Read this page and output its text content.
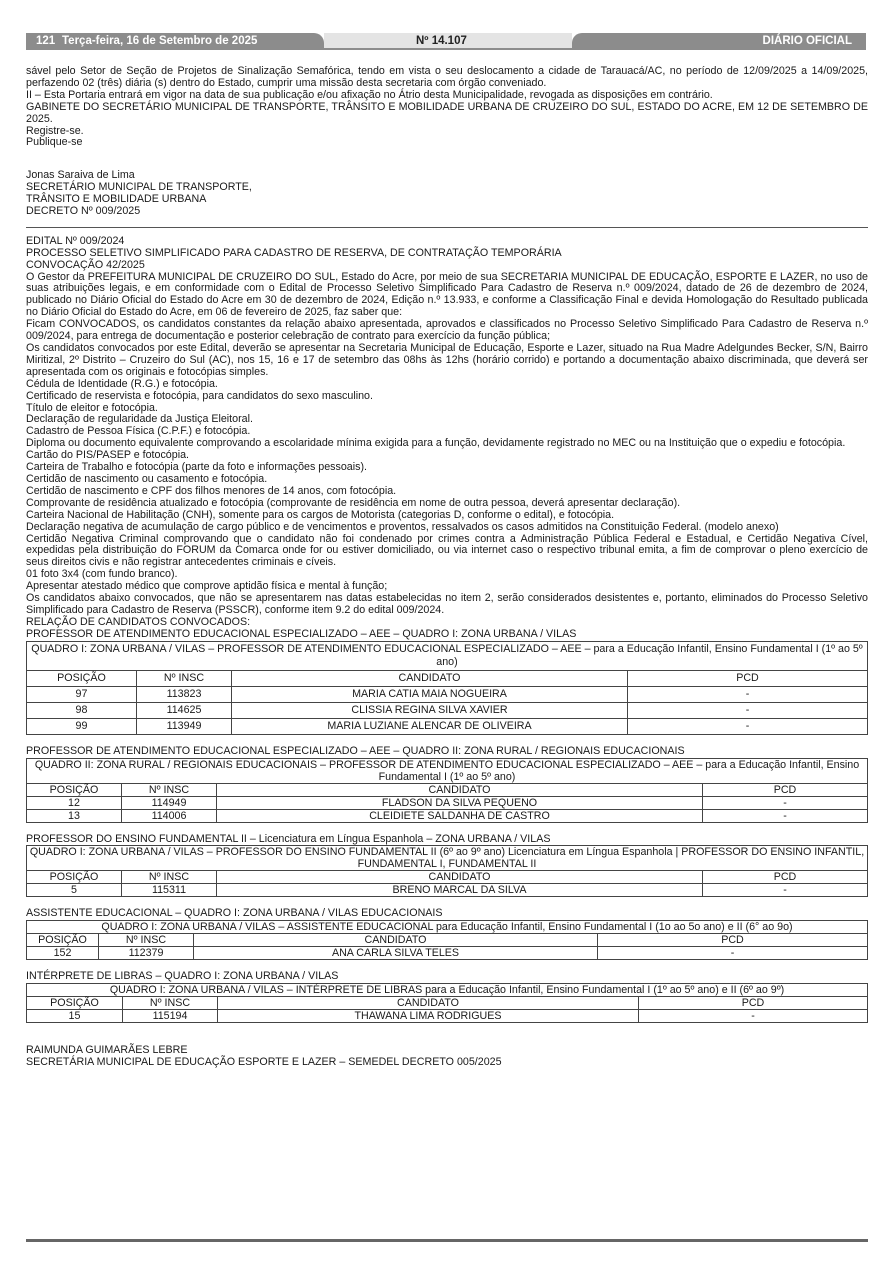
121 Terça-feira, 16 de Setembro de 2025	Nº 14.107	DIÁRIO OFICIAL

sável pelo Setor de Seção de Projetos de Sinalização Semafórica, tendo em vista o seu deslocamento a cidade de Tarauacá/AC, no período de 12/09/2025 a 14/09/2025, perfazendo 02 (três) diária (s) dentro do Estado, cumprir uma missão desta secretaria com órgão conveniado.

II – Esta Portaria entrará em vigor na data de sua publicação e/ou afixação no Átrio desta Municipalidade, revogada as disposições em contrário.

GABINETE DO SECRETÁRIO MUNICIPAL DE TRANSPORTE, TRÂNSITO E MOBILIDADE URBANA DE CRUZEIRO DO SUL, ESTADO DO ACRE, EM 12 DE SETEMBRO DE 2025.

Registre-se.

Publique-se

Jonas Saraiva de Lima

SECRETÁRIO MUNICIPAL DE TRANSPORTE,

TRÂNSITO E MOBILIDADE URBANA

DECRETO Nº 009/2025

EDITAL Nº 009/2024

PROCESSO SELETIVO SIMPLIFICADO PARA CADASTRO DE RESERVA, DE CONTRATAÇÃO TEMPORÁRIA

CONVOCAÇÃO 42/2025

O Gestor da PREFEITURA MUNICIPAL DE CRUZEIRO DO SUL, Estado do Acre, por meio de sua SECRETARIA MUNICIPAL DE EDUCAÇÃO, ESPORTE E LAZER, no uso de suas atribuições legais, e em conformidade com o Edital de Processo Seletivo Simplificado Para Cadastro de Reserva n.º 009/2024, datado de 26 de dezembro de 2024, publicado no Diário Oficial do Estado do Acre em 30 de dezembro de 2024, Edição n.º 13.933, e conforme a Classificação Final e devida Homologação do Resultado publicada no Diário Oficial do Estado do Acre, em 06 de fevereiro de 2025, faz saber que:

Ficam CONVOCADOS, os candidatos constantes da relação abaixo apresentada, aprovados e classificados no Processo Seletivo Simplificado Para Cadastro de Reserva n.º 009/2024, para entrega de documentação e posterior celebração de contrato para exercício da função pública;

Os candidatos convocados por este Edital, deverão se apresentar na Secretaria Municipal de Educação, Esporte e Lazer, situado na Rua Madre Adelgundes Becker, S/N, Bairro Miritizal, 2º Distrito – Cruzeiro do Sul (AC), nos 15, 16 e 17 de setembro das 08hs às 12hs (horário corrido) e portando a documentação abaixo discriminada, que deverá ser apresentada com os originais e fotocópias simples.

Cédula de Identidade (R.G.) e fotocópia.

Certificado de reservista e fotocópia, para candidatos do sexo masculino.

Título de eleitor e fotocópia.

Declaração de regularidade da Justiça Eleitoral.

Cadastro de Pessoa Física (C.P.F.) e fotocópia.

Diploma ou documento equivalente comprovando a escolaridade mínima exigida para a função, devidamente registrado no MEC ou na Instituição que o expediu e fotocópia.

Cartão do PIS/PASEP e fotocópia.

Carteira de Trabalho e fotocópia (parte da foto e informações pessoais).

Certidão de nascimento ou casamento e fotocópia.

Certidão de nascimento e CPF dos filhos menores de 14 anos, com fotocópia.

Comprovante de residência atualizado e fotocópia (comprovante de residência em nome de outra pessoa, deverá apresentar declaração).

Carteira Nacional de Habilitação (CNH), somente para os cargos de Motorista (categorias D, conforme o edital), e fotocópia.

Declaração negativa de acumulação de cargo público e de vencimentos e proventos, ressalvados os casos admitidos na Constituição Federal. (modelo anexo)

Certidão Negativa Criminal comprovando que o candidato não foi condenado por crimes contra a Administração Pública Federal e Estadual, e Certidão Negativa Cível, expedidas pela distribuição do FORUM da Comarca onde for ou estiver domiciliado, ou via internet caso o respectivo tribunal emita, a fim de comprovar o pleno exercício de seus direitos civis e não registrar antecedentes criminais e cíveis.

01 foto 3x4 (com fundo branco).

Apresentar atestado médico que comprove aptidão física e mental à função;

Os candidatos abaixo convocados, que não se apresentarem nas datas estabelecidas no item 2, serão considerados desistentes e, portanto, eliminados do Processo Seletivo Simplificado para Cadastro de Reserva (PSSCR), conforme item 9.2 do edital 009/2024.

RELAÇÃO DE CANDIDATOS CONVOCADOS:

PROFESSOR DE ATENDIMENTO EDUCACIONAL ESPECIALIZADO – AEE – QUADRO I: ZONA URBANA / VILAS

QUADRO I: ZONA URBANA / VILAS – PROFESSOR DE ATENDIMENTO EDUCACIONAL ESPECIALIZADO – AEE – para a Educação Infantil, Ensino Fundamental I (1º ao 5º ano)			
POSIÇÃO	Nº INSC	CANDIDATO	PCD
97	113823	MARIA CATIA MAIA NOGUEIRA	-
98	114625	CLISSIA REGINA SILVA XAVIER	-
99	113949	MARIA LUZIANE ALENCAR DE OLIVEIRA	-

PROFESSOR DE ATENDIMENTO EDUCACIONAL ESPECIALIZADO – AEE – QUADRO II: ZONA RURAL / REGIONAIS EDUCACIONAIS

QUADRO II: ZONA RURAL / REGIONAIS EDUCACIONAIS – PROFESSOR DE ATENDIMENTO EDUCACIONAL ESPECIALIZADO – AEE – para a Educação Infantil, Ensino Fundamental I (1º ao 5º ano)			
POSIÇÃO	Nº INSC	CANDIDATO	PCD
12	114949	FLADSON DA SILVA PEQUENO	-
13	114006	CLEIDIETE SALDANHA DE CASTRO	-

PROFESSOR DO ENSINO FUNDAMENTAL II – Licenciatura em Língua Espanhola – ZONA URBANA / VILAS

QUADRO I: ZONA URBANA / VILAS – PROFESSOR DO ENSINO FUNDAMENTAL II (6º ao 9º ano) Licenciatura em Língua Espanhola | PROFESSOR DO ENSINO INFANTIL, FUNDAMENTAL I, FUNDAMENTAL II			
POSIÇÃO	Nº INSC	CANDIDATO	PCD
5	115311	BRENO MARCAL DA SILVA	-

ASSISTENTE EDUCACIONAL – QUADRO I: ZONA URBANA / VILAS EDUCACIONAIS

QUADRO I: ZONA URBANA / VILAS – ASSISTENTE EDUCACIONAL para Educação Infantil, Ensino Fundamental I (1o ao 5o ano) e II (6° ao 9o)			
POSIÇÃO	Nº INSC	CANDIDATO	PCD
152	112379	ANA CARLA SILVA TELES	-

INTÉRPRETE DE LIBRAS – QUADRO I: ZONA URBANA / VILAS

QUADRO I: ZONA URBANA / VILAS – INTÉRPRETE DE LIBRAS para a Educação Infantil, Ensino Fundamental I (1º ao 5º ano) e II (6º ao 9º)			
POSIÇÃO	Nº INSC	CANDIDATO	PCD
15	115194	THAWANA LIMA RODRIGUES	-

RAIMUNDA GUIMARÃES LEBRE

SECRETÁRIA MUNICIPAL DE EDUCAÇÃO ESPORTE E LAZER – SEMEDEL DECRETO 005/2025
